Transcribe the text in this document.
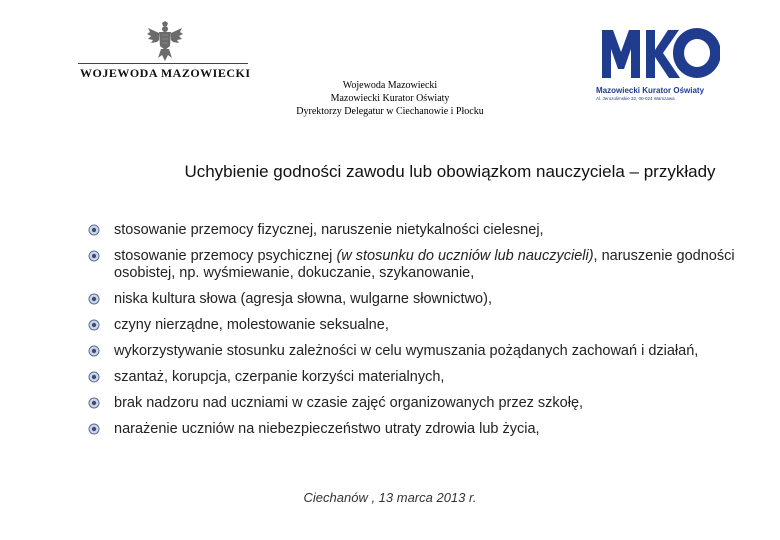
WOJEWODA MAZOWIECKI
Wojewoda Mazowiecki
Mazowiecki Kurator Oświaty
Dyrektorzy Delegatur w Ciechanowie i Płocku
Mazowiecki Kurator Oświaty
Al. Jerozolimskie 32, 00-024 Warszawa
Uchybienie godności zawodu lub obowiązkom nauczyciela – przykłady
stosowanie przemocy fizycznej, naruszenie nietykalności cielesnej,
stosowanie przemocy psychicznej (w stosunku do uczniów lub nauczycieli), naruszenie godności osobistej, np. wyśmiewanie, dokuczanie, szykanowanie,
niska kultura słowa (agresja słowna, wulgarne słownictwo),
czyny nierządne, molestowanie seksualne,
wykorzystywanie stosunku zależności w celu wymuszania pożądanych zachowań i działań,
szantaż, korupcja, czerpanie korzyści materialnych,
brak nadzoru nad uczniami w czasie zajęć organizowanych przez szkołę,
narażenie uczniów na niebezpieczeństwo utraty zdrowia lub życia,
Ciechanów , 13 marca 2013 r.
